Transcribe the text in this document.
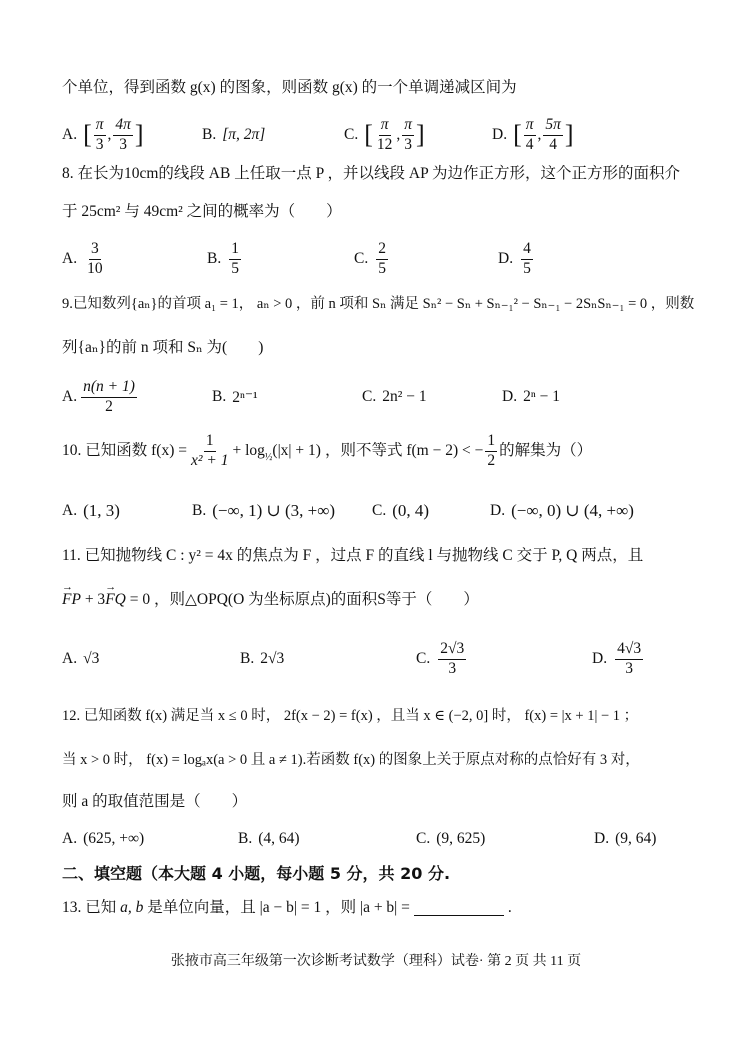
个单位，得到函数 g(x) 的图象，则函数 g(x) 的一个单调递减区间为
A. [ $\frac{\pi}{3}$ , $\frac{4\pi}{3}$ ]	B. [π, 2π]	C. [ $\frac{\pi}{12}$ , $\frac{\pi}{3}$ ]	D. [ $\frac{\pi}{4}$ , $\frac{5\pi}{4}$ ]
8. 在长为10cm的线段 AB 上任取一点 P ，并以线段 AP 为边作正方形，这个正方形的面积介
于 25cm² 与 49cm² 之间的概率为（　　）
A. $\frac{3}{10}$	B. $\frac{1}{5}$	C. $\frac{2}{5}$	D. $\frac{4}{5}$
9.已知数列{aₙ}的首项 a₁ = 1， aₙ > 0 ，前 n 项和 Sₙ 满足 Sₙ² − Sₙ + Sₙ₋₁² − Sₙ₋₁ − 2SₙSₙ₋₁ = 0 ，则数
列{aₙ}的前 n 项和 Sₙ 为(　　)
A. $\frac{n(n + 1)}{2}$	B. 2ⁿ⁻¹	C. 2n² − 1	D. 2ⁿ − 1
10. 已知函数 $f(x) = \frac{1}{\text{x² + 1}} + \log_{\frac{1}{2}} (|x| + 1)$ ，则不等式 f(m − 2) < − $\frac{1}{2}$ 的解集为（）
A. (1, 3)	B. (−∞, 1) ∪ (3, +∞) C. (0, 4)	D. (−∞, 0) ∪ (4, +∞)
11. 已知抛物线 C : y² = 4x 的焦点为 F ，过点 F 的直线 l 与抛物线 C 交于 P, Q 两点，且
→ FP + 3→ FQ = 0 ，则△OPQ(O 为坐标原点)的面积S等于（　　）
A. √3	B. 2√3	C. $\frac{2√3}{3}$	D. $\frac{4√3}{3}$
12. 已知函数 f(x) 满足当 x ≤ 0 时， 2f(x − 2) = f(x) ，且当 x ∈ (−2, 0] 时， f(x) = |x + 1| − 1 ；
当 x > 0 时， f(x) = logₐx(a > 0 且 a ≠ 1).若函数 f(x) 的图象上关于原点对称的点恰好有 3 对，
则 a 的取值范围是（　　）
A. (625, +∞)	B. (4, 64)	C. (9, 625)	D. (9, 64)
二、填空题（本大题 4 小题，每小题 5 分，共 20 分.
13. 已知 a, b 是单位向量，且 |a − b| = 1 ，则 |a + b| =	.
张掖市高三年级第一次诊断考试数学（理科）试卷· 第 2 页 共 11 页
